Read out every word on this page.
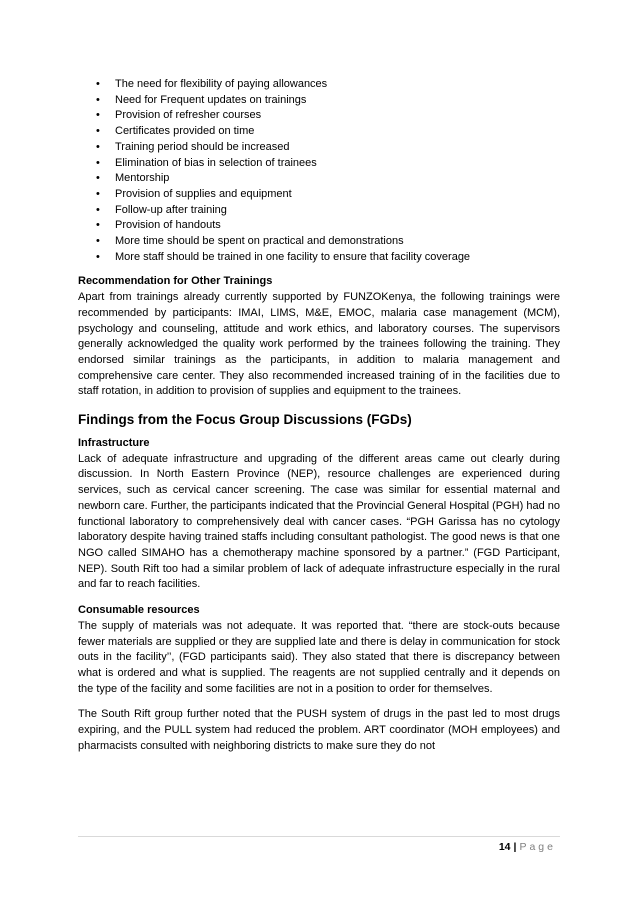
• The need for flexibility of paying allowances
• Need for Frequent updates on trainings
• Provision of refresher courses
• Certificates provided on time
• Training period should be increased
• Elimination of bias in selection of trainees
• Mentorship
• Provision of supplies and equipment
• Follow-up after training
• Provision of handouts
• More time should be spent on practical and demonstrations
• More staff should be trained in one facility to ensure that facility coverage

Recommendation for Other Trainings

Apart from trainings already currently supported by FUNZOKenya, the following trainings were recommended by participants: IMAI, LIMS, M&E, EMOC, malaria case management (MCM), psychology and counseling, attitude and work ethics, and laboratory courses. The supervisors generally acknowledged the quality work performed by the trainees following the training. They endorsed similar trainings as the participants, in addition to malaria management and comprehensive care center. They also recommended increased training of in the facilities due to staff rotation, in addition to provision of supplies and equipment to the trainees.

Findings from the Focus Group Discussions (FGDs)

Infrastructure

Lack of adequate infrastructure and upgrading of the different areas came out clearly during discussion. In North Eastern Province (NEP), resource challenges are experienced during services, such as cervical cancer screening. The case was similar for essential maternal and newborn care. Further, the participants indicated that the Provincial General Hospital (PGH) had no functional laboratory to comprehensively deal with cancer cases. “PGH Garissa has no cytology laboratory despite having trained staffs including consultant pathologist. The good news is that one NGO called SIMAHO has a chemotherapy machine sponsored by a partner.” (FGD Participant, NEP). South Rift too had a similar problem of lack of adequate infrastructure especially in the rural and far to reach facilities.

Consumable resources

The supply of materials was not adequate. It was reported that. “there are stock-outs because fewer materials are supplied or they are supplied late and there is delay in communication for stock outs in the facility’’, (FGD participants said). They also stated that there is discrepancy between what is ordered and what is supplied. The reagents are not supplied centrally and it depends on the type of the facility and some facilities are not in a position to order for themselves.

The South Rift group further noted that the PUSH system of drugs in the past led to most drugs expiring, and the PULL system had reduced the problem. ART coordinator (MOH employees) and pharmacists consulted with neighboring districts to make sure they do not

14 | Page
